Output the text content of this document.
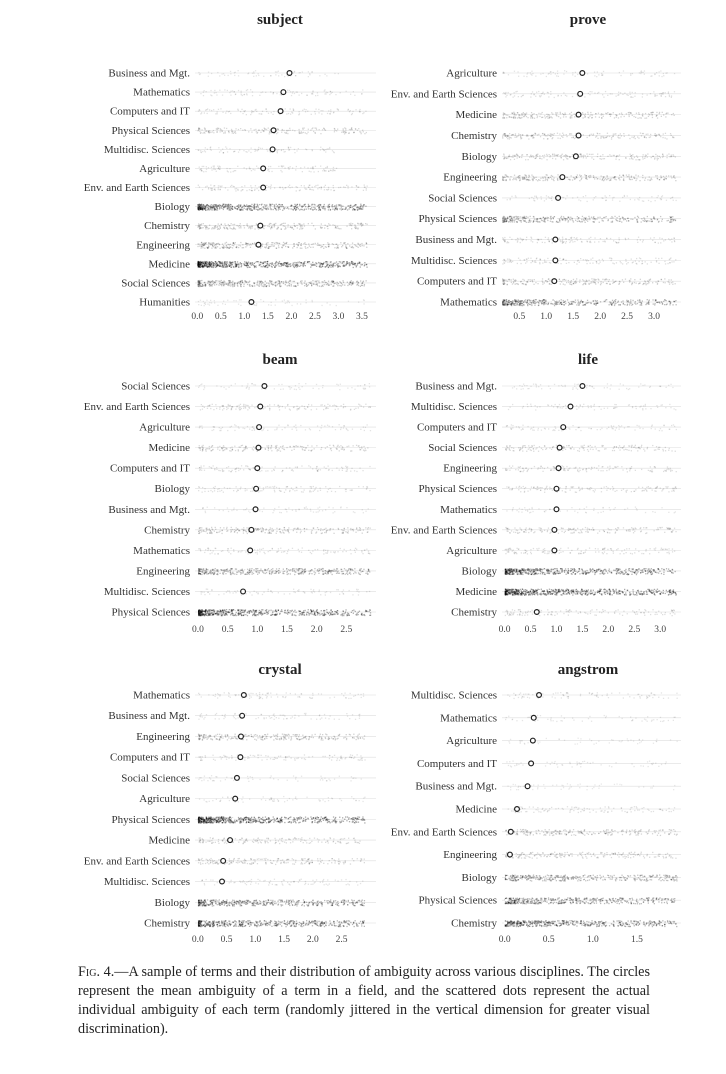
subject
Business and Mgt.
Mathematics
Computers and IT
Physical Sciences
Multidisc. Sciences
Agriculture
Env. and Earth Sciences
Biology
Chemistry
Engineering
Medicine
Social Sciences
Humanities
0.0 0.5 1.0 1.5 2.0 2.5 3.0 3.5
prove
Agriculture
Env. and Earth Sciences
Medicine
Chemistry
Biology
Engineering
Social Sciences
Physical Sciences
Business and Mgt.
Multidisc. Sciences
Computers and IT
Mathematics
0.5 1.0 1.5 2.0 2.5 3.0
beam
Social Sciences
Env. and Earth Sciences
Agriculture
Medicine
Computers and IT
Biology
Business and Mgt.
Chemistry
Mathematics
Engineering
Multidisc. Sciences
Physical Sciences
0.0 0.5 1.0 1.5 2.0 2.5
life
Business and Mgt.
Multidisc. Sciences
Computers and IT
Social Sciences
Engineering
Physical Sciences
Mathematics
Env. and Earth Sciences
Agriculture
Biology
Medicine
Chemistry
0.0 0.5 1.0 1.5 2.0 2.5 3.0
crystal
Mathematics
Business and Mgt.
Engineering
Computers and IT
Social Sciences
Agriculture
Physical Sciences
Medicine
Env. and Earth Sciences
Multidisc. Sciences
Biology
Chemistry
0.0 0.5 1.0 1.5 2.0 2.5
angstrom
Multidisc. Sciences
Mathematics
Agriculture
Computers and IT
Business and Mgt.
Medicine
Env. and Earth Sciences
Engineering
Biology
Physical Sciences
Chemistry
0.0	0.5	1.0	1.5
Fig. 4.—A sample of terms and their distribution of ambiguity across various disciplines. The circles represent the mean ambiguity of a term in a field, and the scattered dots represent the actual individual ambiguity of each term (randomly jittered in the vertical dimension for greater visual discrimination).
